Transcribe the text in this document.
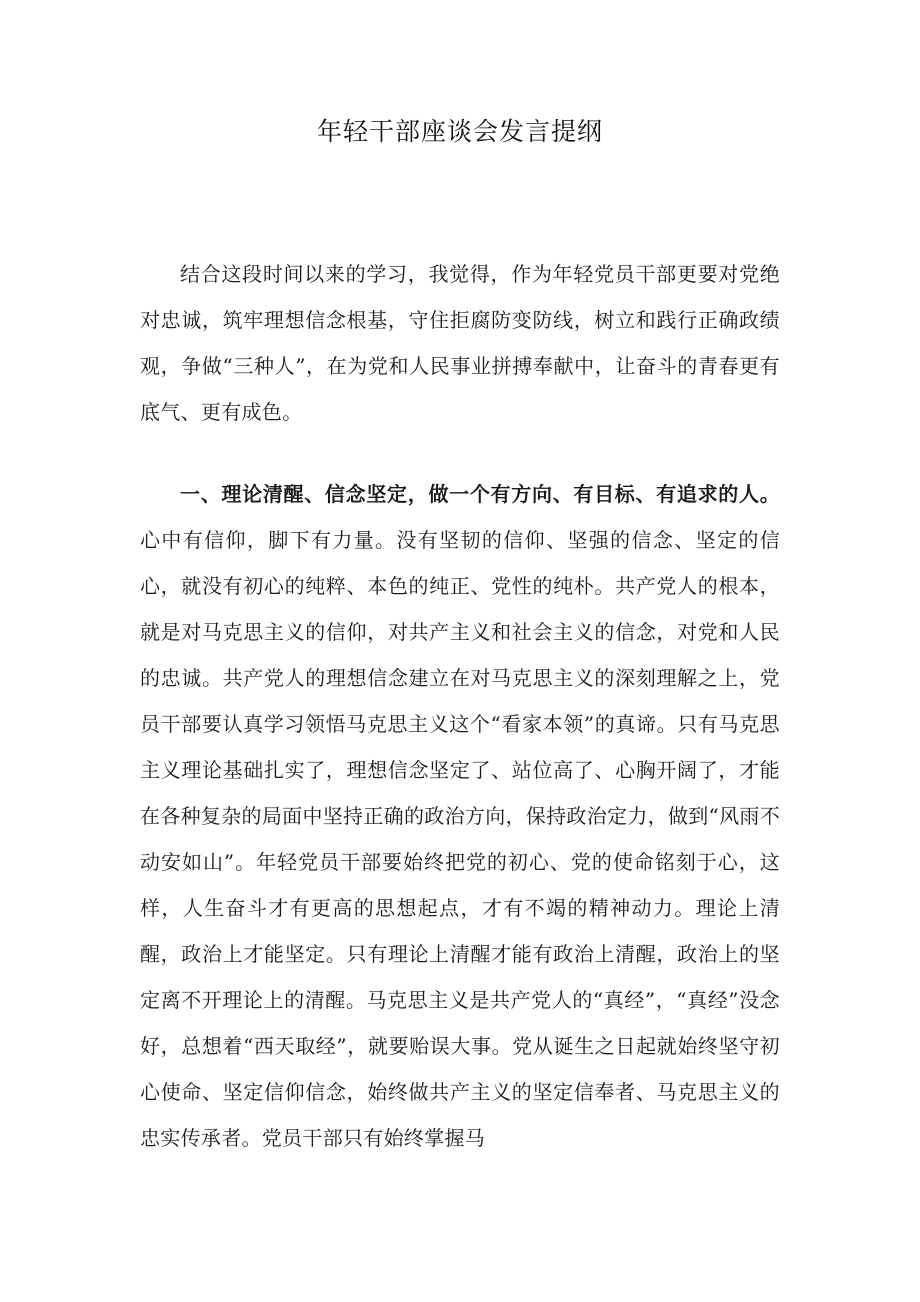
年轻干部座谈会发言提纲

结合这段时间以来的学习，我觉得，作为年轻党员干部更要对党绝对忠诚，筑牢理想信念根基，守住拒腐防变防线，树立和践行正确政绩观，争做“三种人”，在为党和人民事业拼搏奉献中，让奋斗的青春更有底气、更有成色。

一、理论清醒、信念坚定，做一个有方向、有目标、有追求的人。心中有信仰，脚下有力量。没有坚韧的信仰、坚强的信念、坚定的信心，就没有初心的纯粹、本色的纯正、党性的纯朴。共产党人的根本，就是对马克思主义的信仰，对共产主义和社会主义的信念，对党和人民的忠诚。共产党人的理想信念建立在对马克思主义的深刻理解之上，党员干部要认真学习领悟马克思主义这个“看家本领”的真谛。只有马克思主义理论基础扎实了，理想信念坚定了、站位高了、心胸开阔了，才能在各种复杂的局面中坚持正确的政治方向，保持政治定力，做到“风雨不动安如山”。年轻党员干部要始终把党的初心、党的使命铭刻于心，这样，人生奋斗才有更高的思想起点，才有不竭的精神动力。理论上清醒，政治上才能坚定。只有理论上清醒才能有政治上清醒，政治上的坚定离不开理论上的清醒。马克思主义是共产党人的“真经”，“真经”没念好，总想着“西天取经”，就要贻误大事。党从诞生之日起就始终坚守初心使命、坚定信仰信念，始终做共产主义的坚定信奉者、马克思主义的忠实传承者。党员干部只有始终掌握马
